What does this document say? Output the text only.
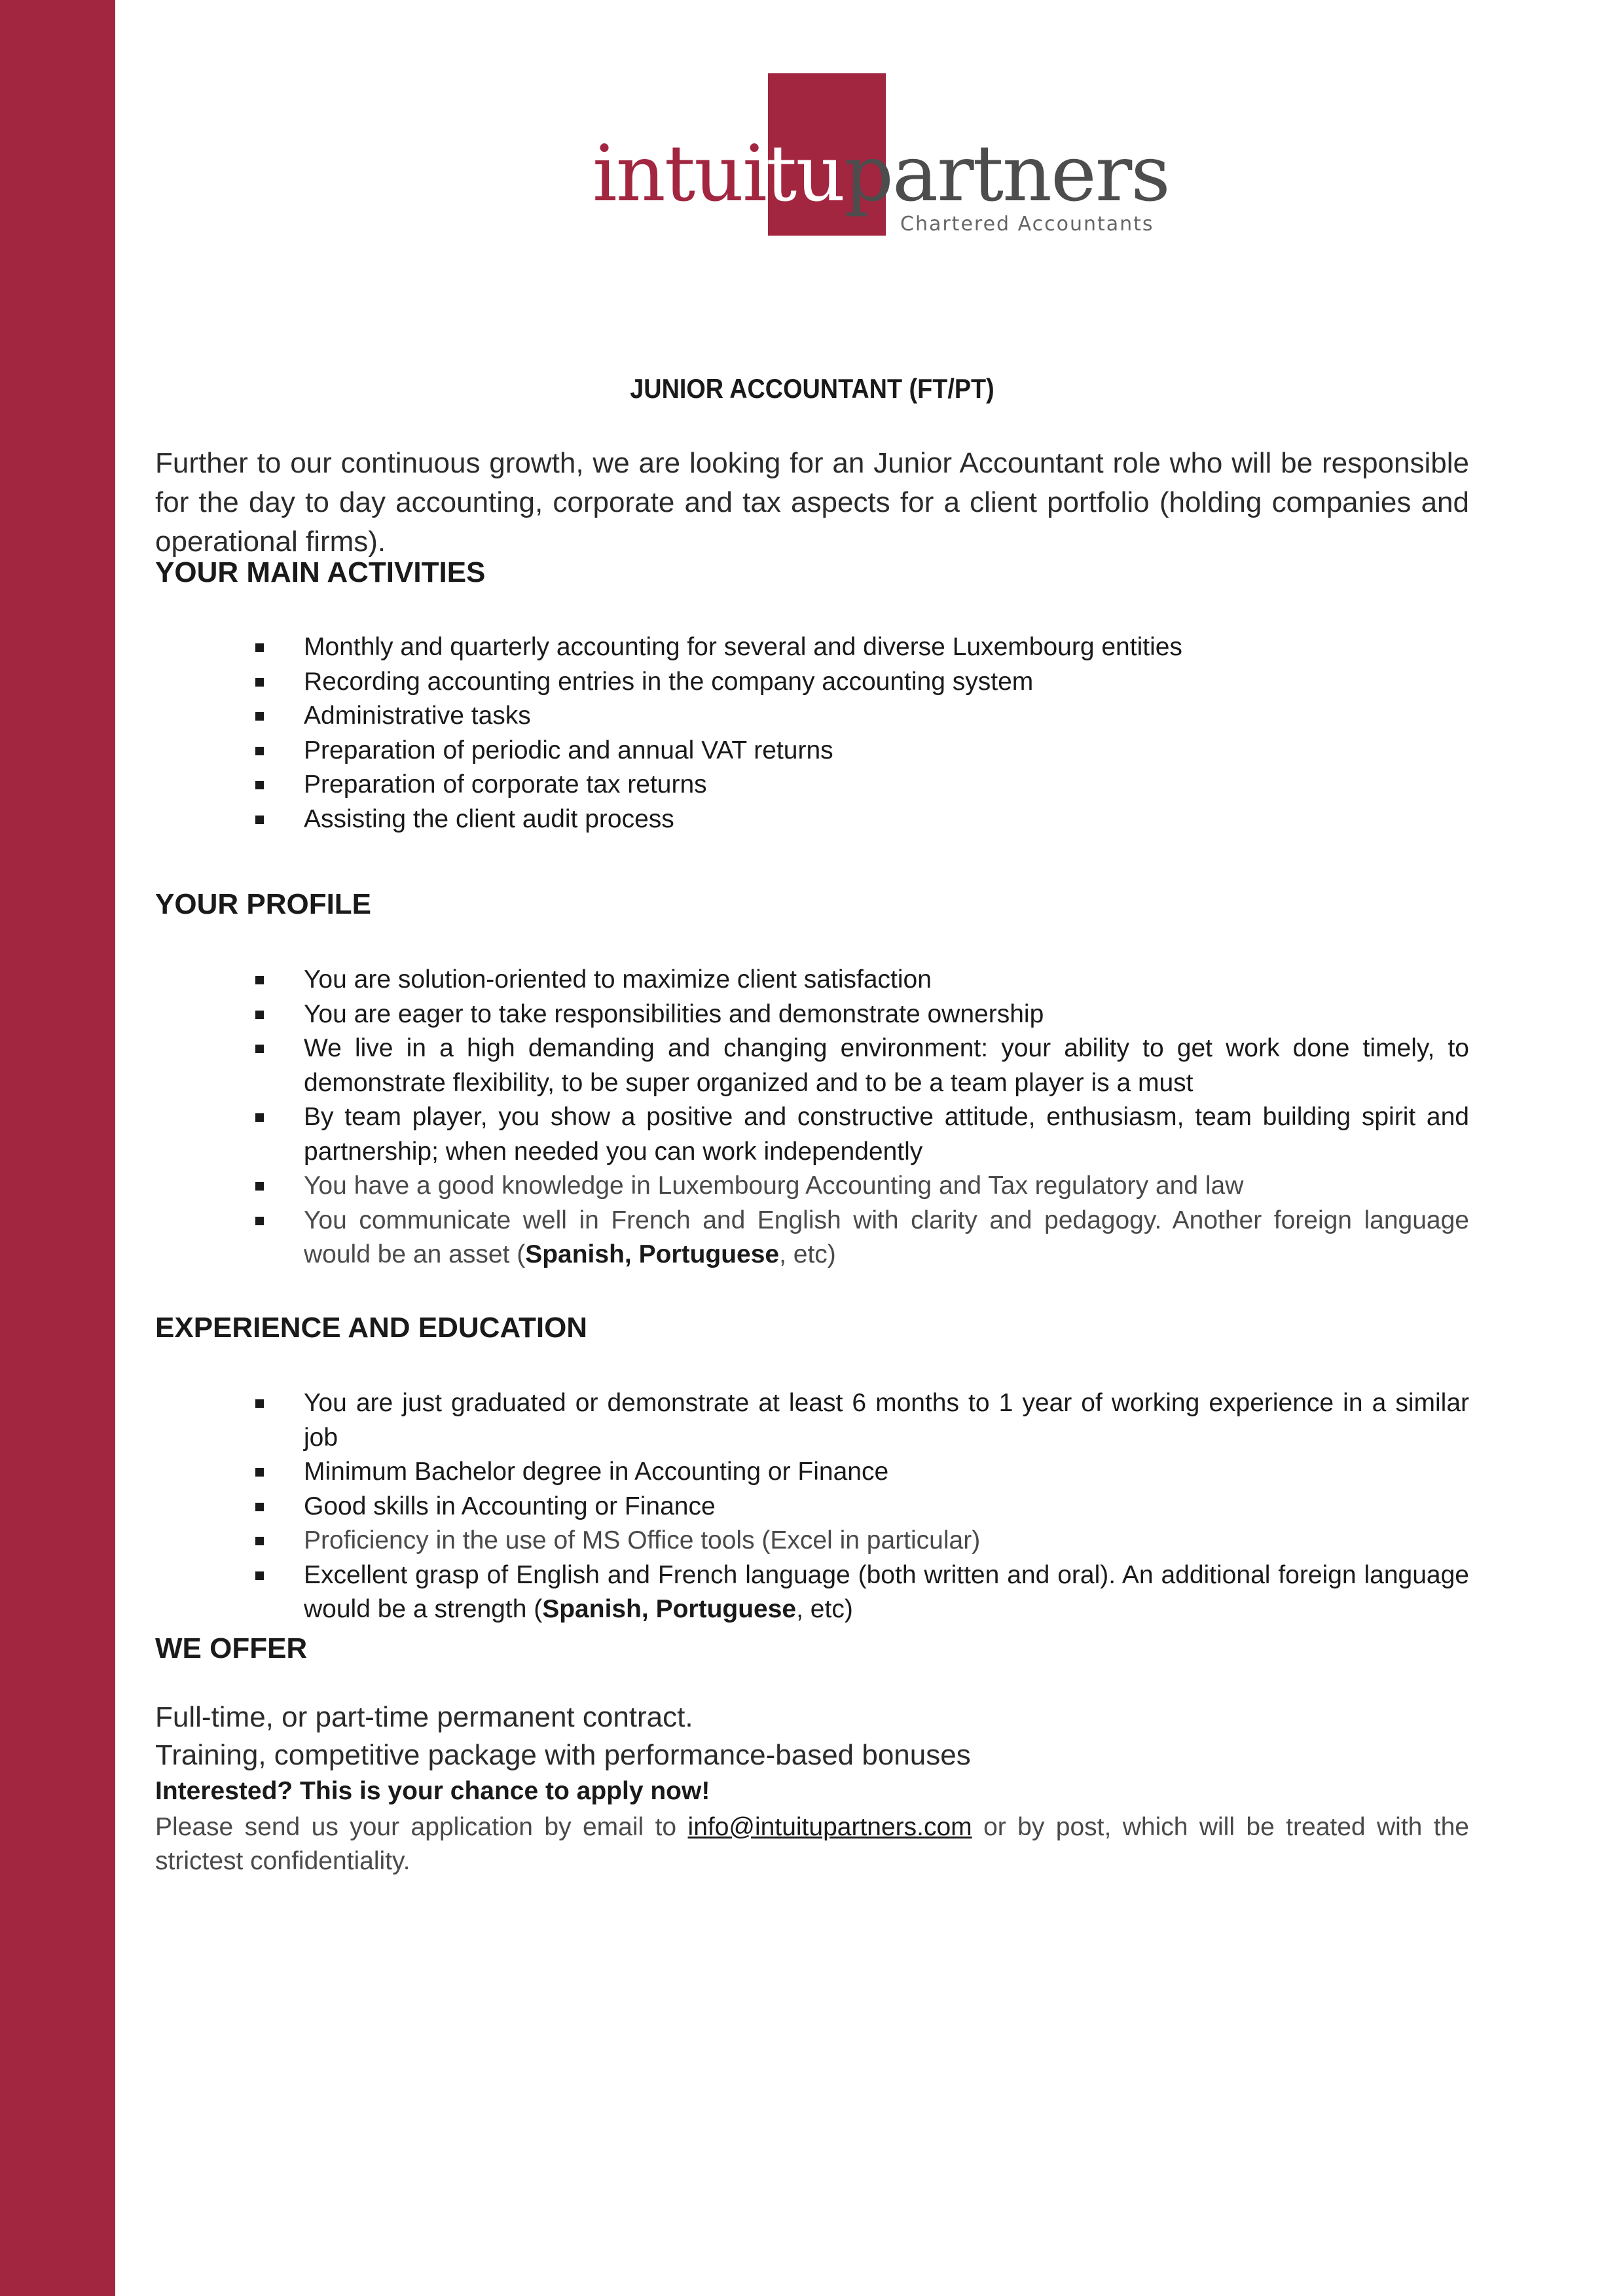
intuitupartners
Chartered Accountants
JUNIOR ACCOUNTANT (FT/PT)
Further to our continuous growth, we are looking for an Junior Accountant role who will be responsible for the day to day accounting, corporate and tax aspects for a client portfolio (holding companies and operational firms).
YOUR MAIN ACTIVITIES
Monthly and quarterly accounting for several and diverse Luxembourg entities
Recording accounting entries in the company accounting system
Administrative tasks
Preparation of periodic and annual VAT returns
Preparation of corporate tax returns
Assisting the client audit process
YOUR PROFILE
You are solution-oriented to maximize client satisfaction
You are eager to take responsibilities and demonstrate ownership
We live in a high demanding and changing environment: your ability to get work done timely, to demonstrate flexibility, to be super organized and to be a team player is a must
By team player, you show a positive and constructive attitude, enthusiasm, team building spirit and partnership; when needed you can work independently
You have a good knowledge in Luxembourg Accounting and Tax regulatory and law
You communicate well in French and English with clarity and pedagogy. Another foreign language would be an asset (Spanish, Portuguese, etc)
EXPERIENCE AND EDUCATION
You are just graduated or demonstrate at least 6 months to 1 year of working experience in a similar job
Minimum Bachelor degree in Accounting or Finance
Good skills in Accounting or Finance
Proficiency in the use of MS Office tools (Excel in particular)
Excellent grasp of English and French language (both written and oral). An additional foreign language would be a strength (Spanish, Portuguese, etc)
WE OFFER
Full-time, or part-time permanent contract.
Training, competitive package with performance-based bonuses
Interested? This is your chance to apply now!
Please send us your application by email to info@intuitupartners.com or by post, which will be treated with the strictest confidentiality.
